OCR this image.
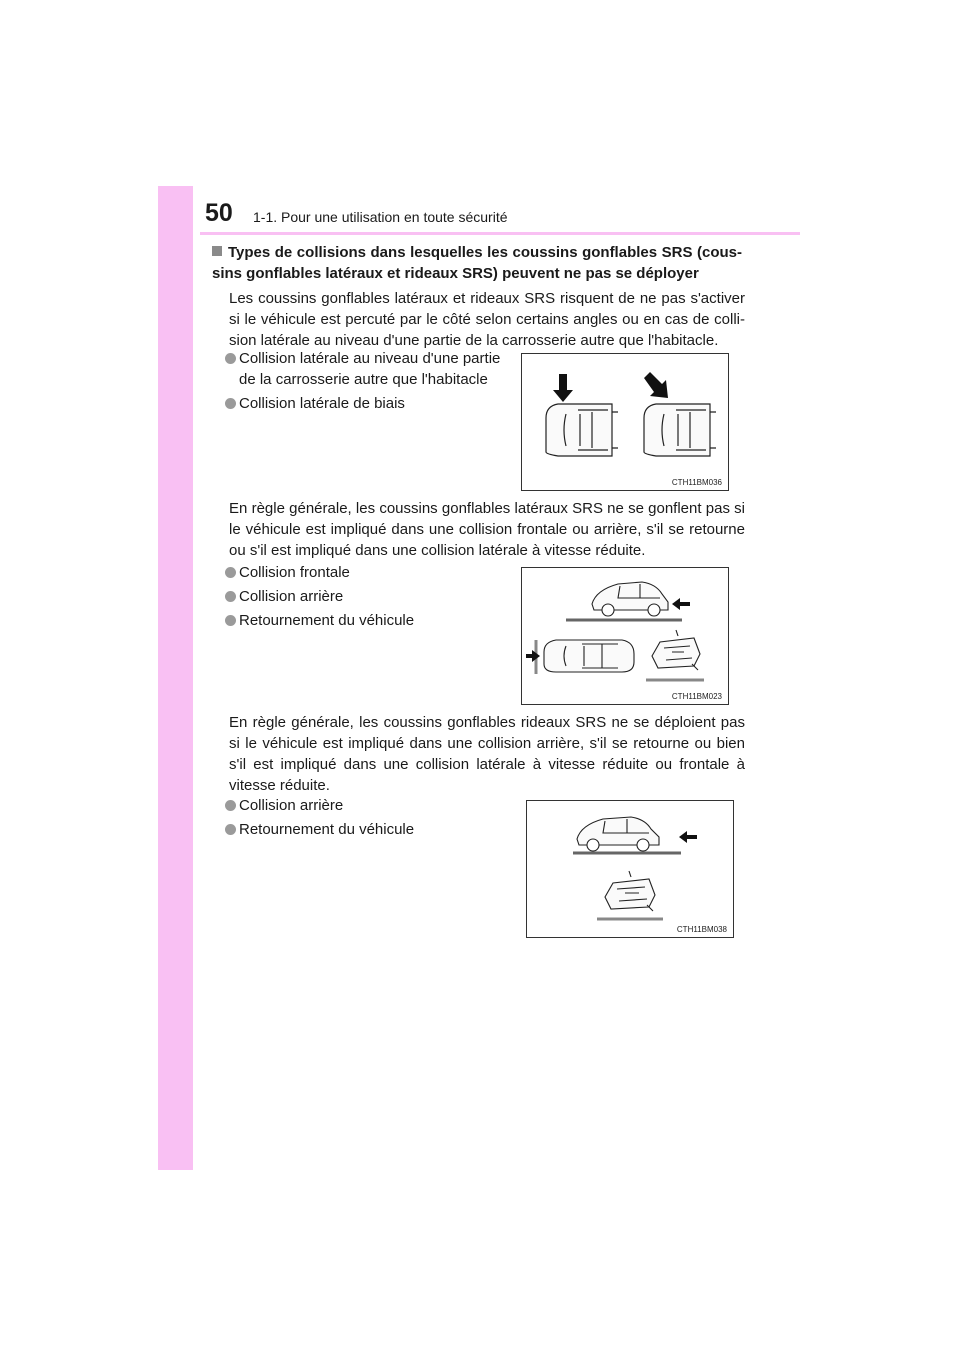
50 1-1. Pour une utilisation en toute sécurité
Types de collisions dans lesquelles les coussins gonflables SRS (cous- sins gonflables latéraux et rideaux SRS) peuvent ne pas se déployer
Les coussins gonflables latéraux et rideaux SRS risquent de ne pas s'activer si le véhicule est percuté par le côté selon certains angles ou en cas de colli- sion latérale au niveau d'une partie de la carrosserie autre que l'habitacle.
Collision latérale au niveau d'une partie de la carrosserie autre que l'habitacle
Collision latérale de biais
CTH11BM036
En règle générale, les coussins gonflables latéraux SRS ne se gonflent pas si le véhicule est impliqué dans une collision frontale ou arrière, s'il se retourne ou s'il est impliqué dans une collision latérale à vitesse réduite.
Collision frontale
Collision arrière
Retournement du véhicule
CTH11BM023
En règle générale, les coussins gonflables rideaux SRS ne se déploient pas si le véhicule est impliqué dans une collision arrière, s'il se retourne ou bien s'il est impliqué dans une collision latérale à vitesse réduite ou frontale à vitesse réduite.
Collision arrière
Retournement du véhicule
CTH11BM038
